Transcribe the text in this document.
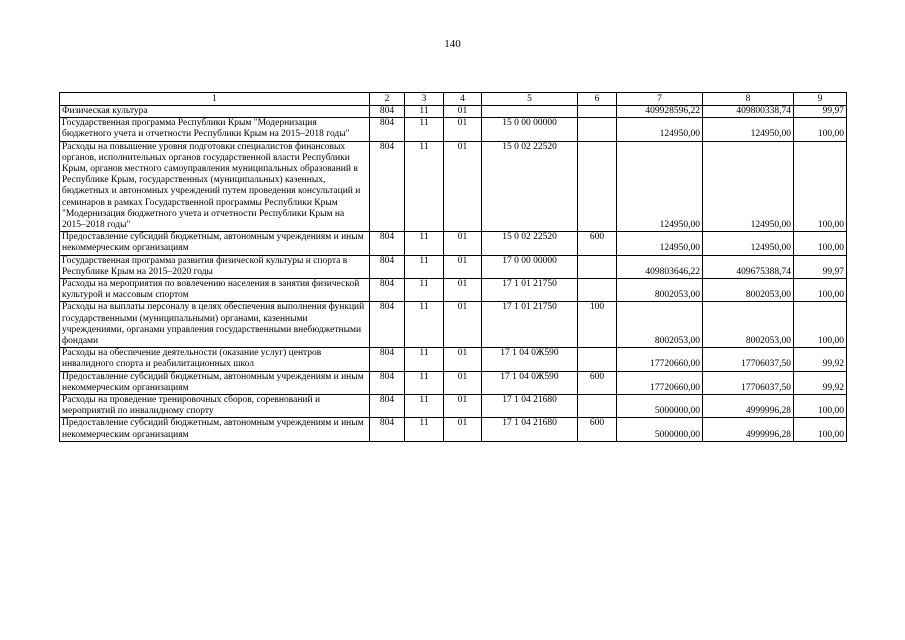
140
1	2	3	4	5	6	7	8	9
Физическая культура	804	11	01			409928596,22	409800338,74	99,97
Государственная программа Республики Крым "Модернизация бюджетного учета и отчетности Республики Крым на 2015–2018 годы"	804	11	01	15 0 00 00000		124950,00	124950,00	100,00
Расходы на повышение уровня подготовки специалистов финансовых органов, исполнительных органов государственной власти Республики Крым, органов местного самоуправления муниципальных образований в Республике Крым, государственных (муниципальных) казенных, бюджетных и автономных учреждений путем проведения консультаций и семинаров в рамках Государственной программы Республики Крым "Модернизация бюджетного учета и отчетности Республики Крым на 2015–2018 годы"	804	11	01	15 0 02 22520		124950,00	124950,00	100,00
Предоставление субсидий бюджетным, автономным учреждениям и иным некоммерческим организациям	804	11	01	15 0 02 22520	600	124950,00	124950,00	100,00
Государственная программа развития физической культуры и спорта в Республике Крым на 2015–2020 годы	804	11	01	17 0 00 00000		409803646,22	409675388,74	99,97
Расходы на мероприятия по вовлечению населения в занятия физической культурой и массовым спортом	804	11	01	17 1 01 21750		8002053,00	8002053,00	100,00
Расходы на выплаты персоналу в целях обеспечения выполнения функций государственными (муниципальными) органами, казенными учреждениями, органами управления государственными внебюджетными фондами	804	11	01	17 1 01 21750	100	8002053,00	8002053,00	100,00
Расходы на обеспечение деятельности (оказание услуг) центров инвалидного спорта и реабилитационных школ	804	11	01	17 1 04 0Ж590		17720660,00	17706037,50	99,92
Предоставление субсидий бюджетным, автономным учреждениям и иным некоммерческим организациям	804	11	01	17 1 04 0Ж590	600	17720660,00	17706037,50	99,92
Расходы на проведение тренировочных сборов, соревнований и мероприятий по инвалидному спорту	804	11	01	17 1 04 21680		5000000,00	4999996,28	100,00
Предоставление субсидий бюджетным, автономным учреждениям и иным некоммерческим организациям	804	11	01	17 1 04 21680	600	5000000,00	4999996,28	100,00
